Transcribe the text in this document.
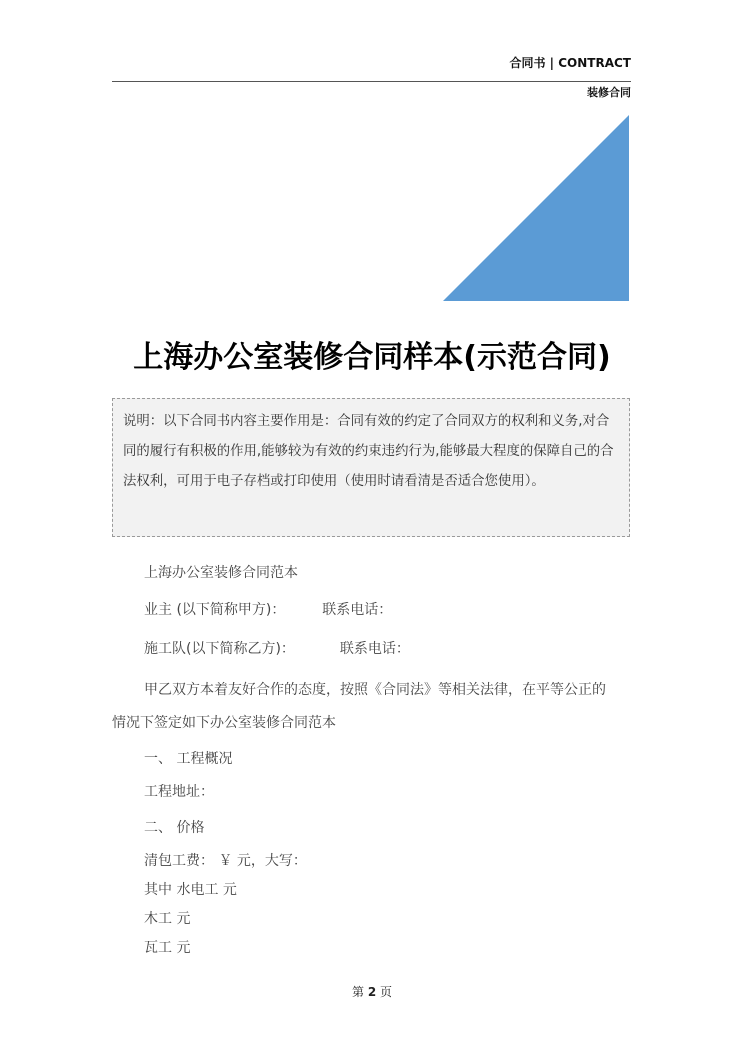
合同书 | CONTRACT
装修合同
上海办公室装修合同样本(示范合同)
说明：以下合同书内容主要作用是：合同有效的约定了合同双方的权利和义务,对合同的履行有积极的作用,能够较为有效的约束违约行为,能够最大程度的保障自己的合法权利，可用于电子存档或打印使用（使用时请看清是否适合您使用）。
上海办公室装修合同范本
业主 (以下简称甲方)：	联系电话：
施工队(以下简称乙方)：	联系电话：
甲乙双方本着友好合作的态度，按照《合同法》等相关法律，在平等公正的
情况下签定如下办公室装修合同范本
一、 工程概况
工程地址：
二、 价格
清包工费： ￥ 元，大写：
其中 水电工 元
木工 元
瓦工 元
第 2 页
